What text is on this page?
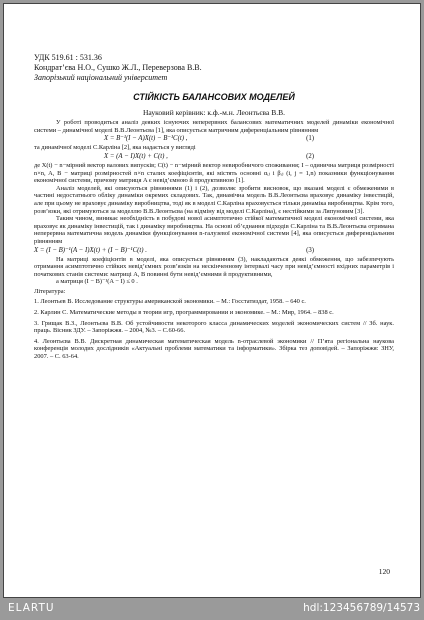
УДК 519.61 : 531.36
Кондрат’єва Н.О., Сушко Ж.Л., Переверзова В.В.
Запорізький національний університет
СТІЙКІСТЬ БАЛАНСОВИХ МОДЕЛЕЙ
Науковий керівник: к.ф.-м.н. Леонтьєва В.В.

У роботі проводиться аналіз деяких існуючих неперервних балансових математичних моделей динаміки економічної системи – динамічної моделі В.В.Леонтьєва [1], яка описується матричним диференціальним рівнянням

X = B⁻¹(I − A)X(t) − B⁻¹C(t) ,	(1)

та динамічної моделі С.Карліна [2], яка надається у вигляді

X = (A − I)X(t) + C(t) ,	(2)

де X(t) − n−мірний вектор валових випусків; C(t) − n−мірний вектор невиробничого споживання; I – одинична матриця розмірності n×n, A, B − матриці розмірностей n×n сталих коефіцієнтів, які містять основні αᵢⱼ і βᵢⱼ (i, j = 1,n) показники функціонування економічної системи, причому матриця A є невід’ємною й продуктивною [1].

Аналіз моделей, які описуються рівняннями (1) і (2), дозволяє зробити висновок, що вказані моделі є обмеженими в частині недостатнього обліку динаміки окремих складових. Так, динамічна модель В.В.Леонтьєва враховує динаміку інвестицій, але при цьому не враховує динаміку виробництва, тоді як в моделі С.Карліна враховується тільки динаміка виробництва. Крім того, розв’язки, які отримуються за моделлю В.В.Леонтьєва (на відміну від моделі С.Карліна), є нестійкими за Ляпуновим [3].

Таким чином, виникає необхідність в побудові нової асимптотично стійкої математичної моделі економічної системи, яка враховує як динаміку інвестицій, так і динаміку виробництва. На основі об’єднання підходів С.Карліна та В.В.Леонтьєва отримана неперервна математична модель динаміки функціонування n-галузевої економічної системи [4], яка описується диференціальним рівнянням

X = (I − B)⁻¹(A − I)X(t) + (I − B)⁻¹C(t) .	(3)

На матриці коефіцієнтів в моделі, яка описується рівнянням (3), накладаються деякі обмеження, що забезпечують отримання асимптотично стійких невід’ємних розв’язків на нескінченному інтервалі часу при невід’ємності вхідних параметрів і початкових станів системи: матриці A, B повинні бути невід’ємними й продуктивними,

а матриця (I − B)⁻¹(A − I) ≤ 0 .

Література:
1. Леонтьев В. Исследование структуры американской экономики. – М.: Госстатиздат, 1958. – 640 с.
2. Карлин С. Математические методы в теории игр, программировании и экономике. – М.: Мир, 1964. – 838 с.
3. Грищак В.З., Леонтьєва В.В. Об устойчивости некоторого класса динамических моделей экономических систем // Зб. наук. праць. Вісник ЗДУ. – Запоріжжя. – 2004, №3. – С.60-66.
4. Леонтьєва В.В. Дискретная динамическая математическая модель n-отраслевой экономики // П’ята регіональна наукова конференція молодих дослідників «Актуальні проблеми математики та інформатики». Збірка тез доповідей. – Запоріжжя: ЗНУ, 2007. – С. 63-64.
120
ELARTU	hdl:123456789/14573
